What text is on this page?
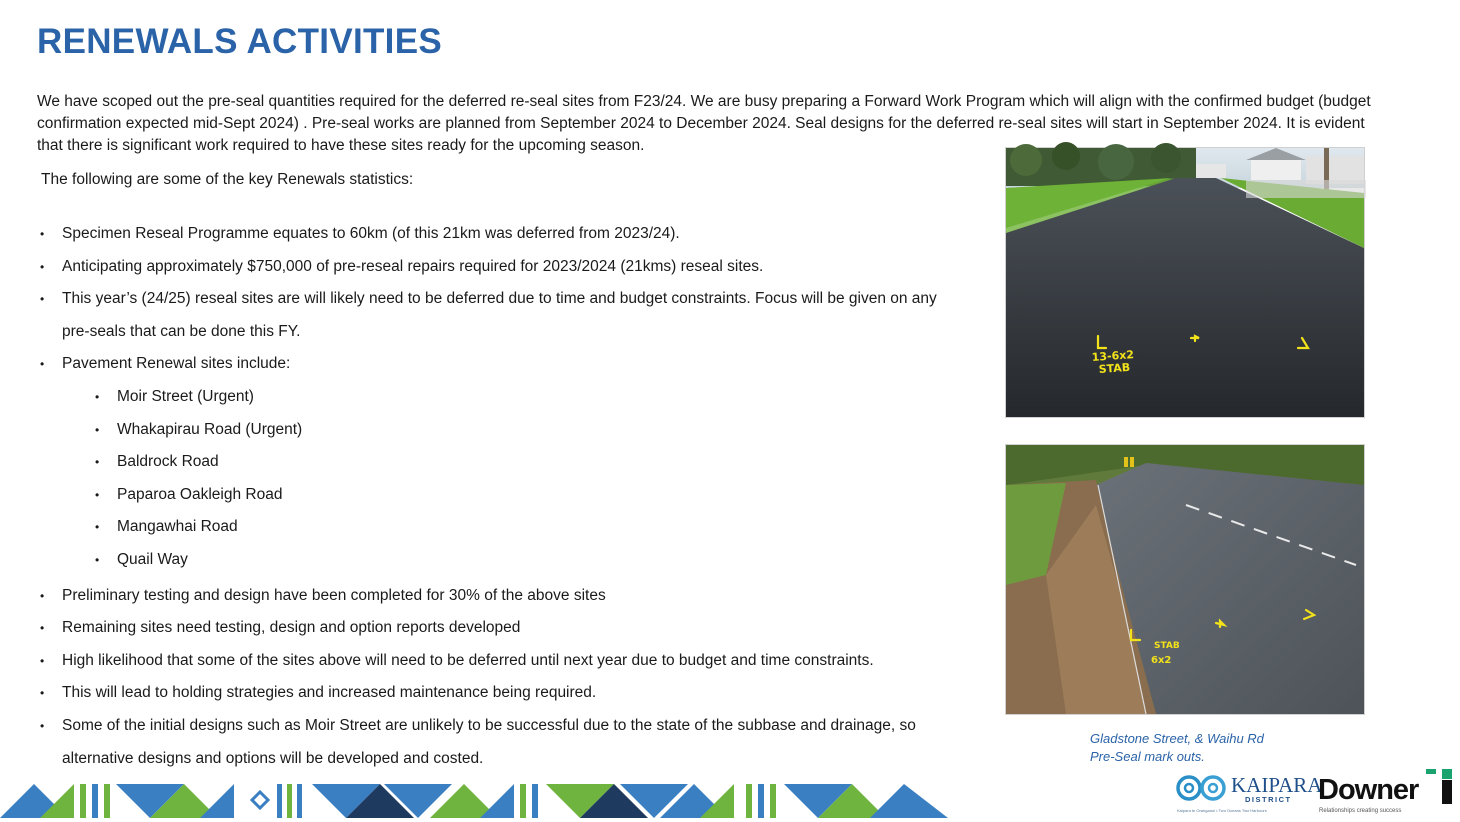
RENEWALS ACTIVITIES

We have scoped out the pre-seal quantities required for the deferred re-seal sites from F23/24. We are busy preparing a Forward Work Program which will align with the confirmed budget (budget confirmation expected mid-Sept 2024) . Pre-seal works are planned from September 2024 to December 2024. Seal designs for the deferred re-seal sites will start in September 2024. It is evident that there is significant work required to have these sites ready for the upcoming season.

The following are some of the key Renewals statistics:

• Specimen Reseal Programme equates to 60km (of this 21km was deferred from 2023/24).
• Anticipating approximately $750,000 of pre-reseal repairs required for 2023/2024 (21kms) reseal sites.
• This year’s (24/25) reseal sites are will likely need to be deferred due to time and budget constraints. Focus will be given on any pre-seals that can be done this FY.
• Pavement Renewal sites include:
• Moir Street (Urgent)
• Whakapirau Road (Urgent)
• Baldrock Road
• Paparoa Oakleigh Road
• Mangawhai Road
• Quail Way
• Preliminary testing and design have been completed for 30% of the above sites
• Remaining sites need testing, design and option reports developed
• High likelihood that some of the sites above will need to be deferred until next year due to budget and time constraints.
• This will lead to holding strategies and increased maintenance being required.
• Some of the initial designs such as Moir Street are unlikely to be successful due to the state of the subbase and drainage, so alternative designs and options will be developed and costed.
13-6x2
STAB
STAB
6x2
Gladstone Street, & Waihu Rd
Pre-Seal mark outs.
KAIPARA
DISTRICT
Kaipara te Oranganui • Two Oceans Two Harbours
Downer
Relationships creating success
